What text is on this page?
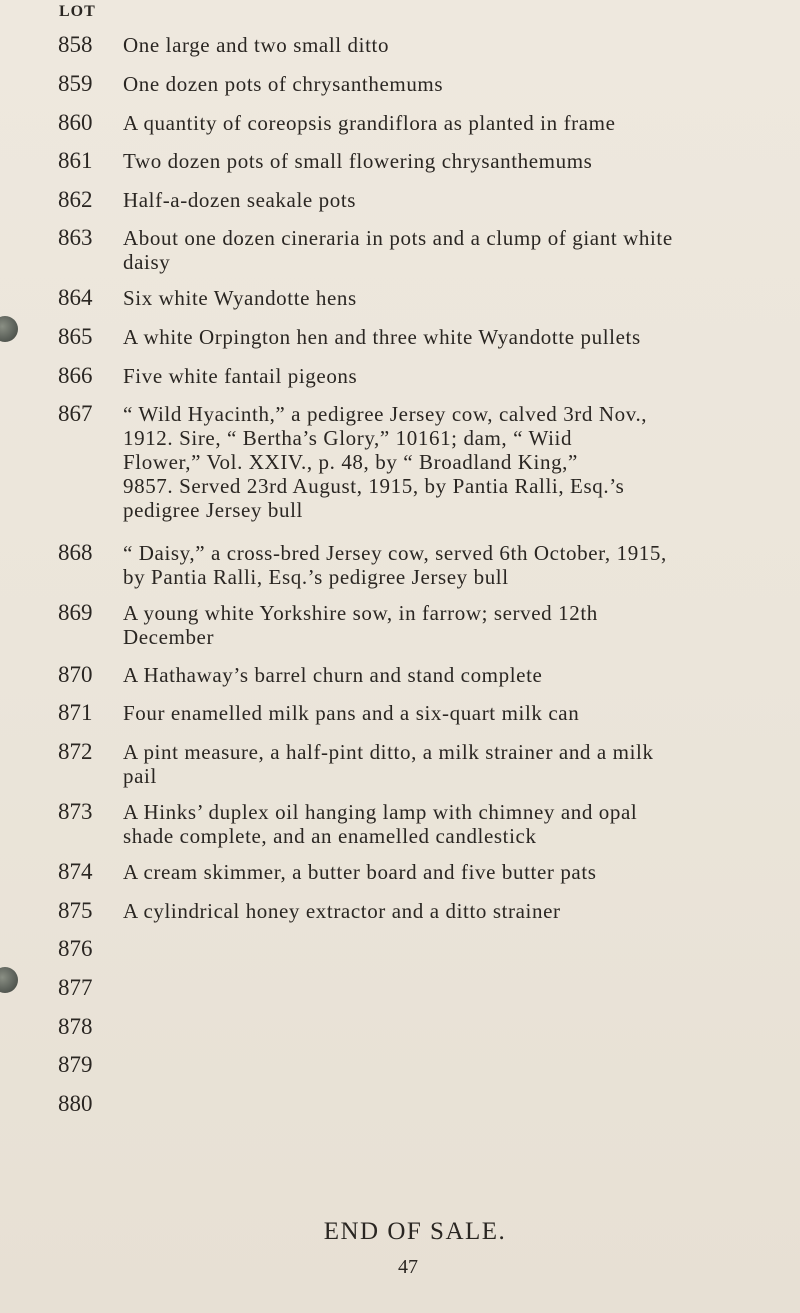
LOT
858 One large and two small ditto
859 One dozen pots of chrysanthemums
860 A quantity of coreopsis grandiflora as planted in frame
861 Two dozen pots of small flowering chrysanthemums
862 Half-a-dozen seakale pots
863 About one dozen cineraria in pots and a clump of giant white
daisy
864 Six white Wyandotte hens
865 A white Orpington hen and three white Wyandotte pullets
866 Five white fantail pigeons
867 “ Wild Hyacinth,” a pedigree Jersey cow, calved 3rd Nov.,
1912. Sire, “ Bertha’s Glory,” 10161; dam, “ Wiid
Flower,” Vol. XXIV., p. 48, by “ Broadland King,”
9857. Served 23rd August, 1915, by Pantia Ralli, Esq.’s
pedigree Jersey bull
868 “ Daisy,” a cross-bred Jersey cow, served 6th October, 1915,
by Pantia Ralli, Esq.’s pedigree Jersey bull
869 A young white Yorkshire sow, in farrow; served 12th
December
870 A Hathaway’s barrel churn and stand complete
871 Four enamelled milk pans and a six-quart milk can
872 A pint measure, a half-pint ditto, a milk strainer and a milk
pail
873 A Hinks’ duplex oil hanging lamp with chimney and opal
shade complete, and an enamelled candlestick
874 A cream skimmer, a butter board and five butter pats
875 A cylindrical honey extractor and a ditto strainer
876
877
878
879
880
END OF SALE.
47
